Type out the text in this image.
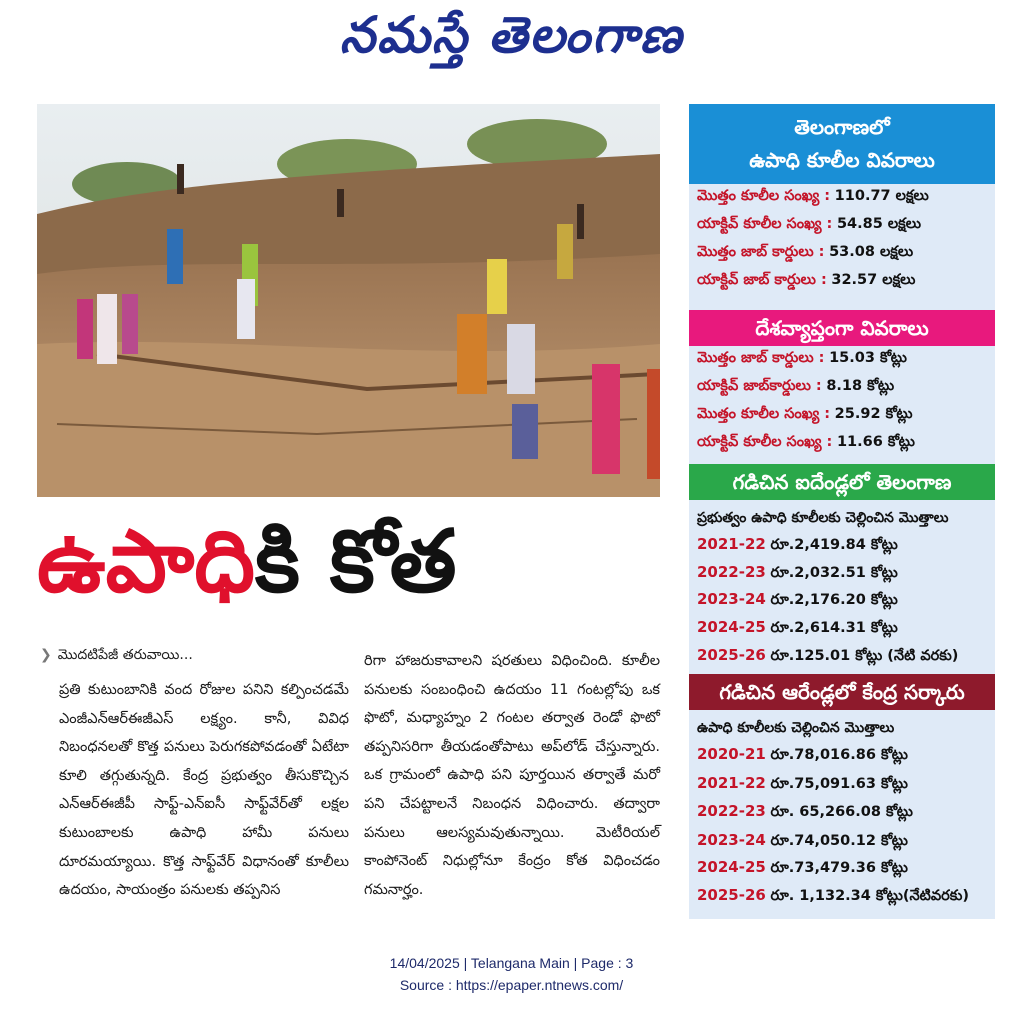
నమస్తే తెలంగాణ
ఉపాధికి కోత
❯ మొదటిపేజీ తరువాయి...

ప్రతి కుటుంబానికి వంద రోజుల పనిని కల్పించడమే ఎంజీఎన్ఆర్ఈజీఎస్ లక్ష్యం. కానీ, వివిధ నిబంధనలతో కొత్త పనులు పెరుగకపోవడంతో ఏటేటా కూలి తగ్గుతున్నది. కేంద్ర ప్రభుత్వం తీసుకొచ్చిన ఎన్ఆర్ఈజీపీ సాఫ్ట్-ఎన్ఐసీ సాఫ్ట్‌వేర్‌తో లక్షల కుటుంబాలకు ఉపాధి హామీ పనులు దూరమయ్యాయి. కొత్త సాఫ్ట్‌వేర్ విధానంతో కూలీలు ఉదయం, సాయంత్రం పనులకు తప్పనిస

రిగా హాజరుకావాలని షరతులు విధించింది. కూలీల పనులకు సంబంధించి ఉదయం 11 గంటల్లోపు ఒక ఫొటో, మధ్యాహ్నం 2 గంటల తర్వాత రెండో ఫొటో తప్పనిసరిగా తీయడంతోపాటు అప్‌లోడ్ చేస్తున్నారు. ఒక గ్రామంలో ఉపాధి పని పూర్తయిన తర్వాతే మరో పని చేపట్టాలనే నిబంధన విధించారు. తద్వారా పనులు ఆలస్యమవుతున్నాయి. మెటీరియల్ కాంపోనెంట్ నిధుల్లోనూ కేంద్రం కోత విధించడం గమనార్హం.

తెలంగాణలో
ఉపాధి కూలీల వివరాలు
మొత్తం కూలీల సంఖ్య : 110.77 లక్షలు
యాక్టివ్ కూలీల సంఖ్య : 54.85 లక్షలు
మొత్తం జాబ్ కార్డులు : 53.08 లక్షలు
యాక్టివ్ జాబ్ కార్డులు : 32.57 లక్షలు
దేశవ్యాప్తంగా వివరాలు
మొత్తం జాబ్ కార్డులు : 15.03 కోట్లు
యాక్టివ్ జాబ్‌కార్డులు : 8.18 కోట్లు
మొత్తం కూలీల సంఖ్య : 25.92 కోట్లు
యాక్టివ్ కూలీల సంఖ్య : 11.66 కోట్లు
గడిచిన ఐదేండ్లలో తెలంగాణ
ప్రభుత్వం ఉపాధి కూలీలకు చెల్లించిన మొత్తాలు
2021-22 రూ.2,419.84 కోట్లు
2022-23 రూ.2,032.51 కోట్లు
2023-24 రూ.2,176.20 కోట్లు
2024-25 రూ.2,614.31 కోట్లు
2025-26 రూ.125.01 కోట్లు (నేటి వరకు)
గడిచిన ఆరేండ్లలో కేంద్ర సర్కారు
ఉపాధి కూలీలకు చెల్లించిన మొత్తాలు
2020-21 రూ.78,016.86 కోట్లు
2021-22 రూ.75,091.63 కోట్లు
2022-23 రూ. 65,266.08 కోట్లు
2023-24 రూ.74,050.12 కోట్లు
2024-25 రూ.73,479.36 కోట్లు
2025-26 రూ. 1,132.34 కోట్లు(నేటివరకు)
14/04/2025 | Telangana Main | Page : 3
Source : https://epaper.ntnews.com/
